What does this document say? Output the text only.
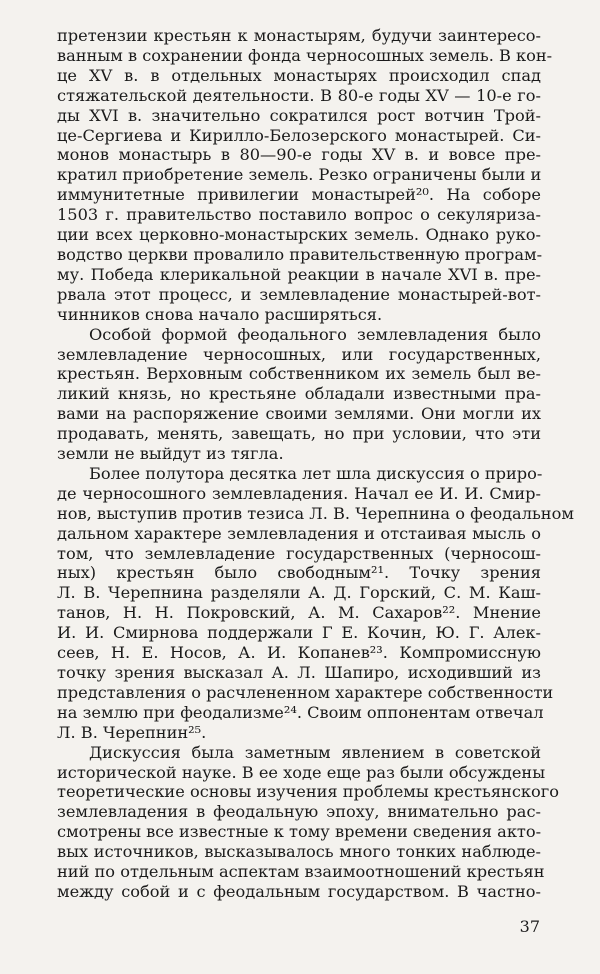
претензии крестьян к монастырям, будучи заинтересо-
ванным в сохранении фонда черносошных земель. В кон-
це XV в. в отдельных монастырях происходил спад
стяжательской деятельности. В 80-е годы XV — 10-е го-
ды XVI в. значительно сократился рост вотчин Трой-
це-Сергиева и Кирилло-Белозерского монастырей. Си-
монов монастырь в 80—90-е годы XV в. и вовсе пре-
кратил приобретение земель. Резко ограничены были и
иммунитетные привилегии монастырей²⁰. На соборе
1503 г. правительство поставило вопрос о секуляриза-
ции всех церковно-монастырских земель. Однако руко-
водство церкви провалило правительственную програм-
му. Победа клерикальной реакции в начале XVI в. пре-
рвала этот процесс, и землевладение монастырей-вот-
чинников снова начало расширяться.
Особой формой феодального землевладения было
землевладение черносошных, или государственных,
крестьян. Верховным собственником их земель был ве-
ликий князь, но крестьяне обладали известными пра-
вами на распоряжение своими землями. Они могли их
продавать, менять, завещать, но при условии, что эти
земли не выйдут из тягла.
Более полутора десятка лет шла дискуссия о приро-
де черносошного землевладения. Начал ее И. И. Смир-
нов, выступив против тезиса Л. В. Черепнина о феодальном
дальном характере землевладения и отстаивая мысль о
том, что землевладение государственных (черносош-
ных) крестьян было свободным²¹. Точку зрения
Л. В. Черепнина разделяли А. Д. Горский, С. М. Каш-
танов, Н. Н. Покровский, А. М. Сахаров²². Мнение
И. И. Смирнова поддержали Г Е. Кочин, Ю. Г. Алек-
сеев, Н. Е. Носов, А. И. Копанев²³. Компромиссную
точку зрения высказал А. Л. Шапиро, исходивший из
представления о расчлененном характере собственности
на землю при феодализме²⁴. Своим оппонентам отвечал
Л. В. Черепнин²⁵.
Дискуссия была заметным явлением в советской
исторической науке. В ее ходе еще раз были обсуждены
теоретические основы изучения проблемы крестьянского
землевладения в феодальную эпоху, внимательно рас-
смотрены все известные к тому времени сведения акто-
вых источников, высказывалось много тонких наблюде-
ний по отдельным аспектам взаимоотношений крестьян
между собой и с феодальным государством. В частно-
37
